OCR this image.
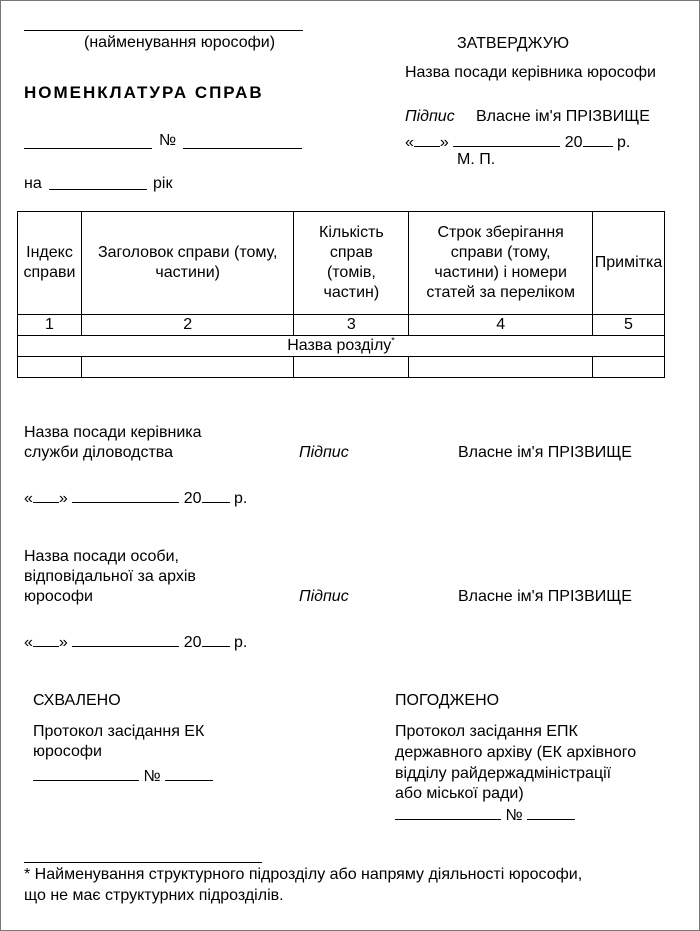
(найменування юрософи)
НОМЕНКЛАТУРА СПРАВ
№
на	рік
ЗАТВЕРДЖУЮ
Назва посади керівника юрософи
Підпис Власне ім'я ПРІЗВИЩЕ
« »	20 р.
М. П.
Індекс справи	Заголовок справи (тому, частини)	Кількість справ (томів, частин)	Строк зберігання справи (тому, частини) і номери статей за переліком	Примітка
1	2	3	4	5
Назва розділу*

Назва посади керівника
служби діловодства	Підпис	Власне ім'я ПРІЗВИЩЕ
« »	20 р.
Назва посади особи,
відповідальної за архів
юрософи	Підпис	Власне ім'я ПРІЗВИЩЕ
« »	20 р.
СХВАЛЕНО
Протокол засідання ЕК
юрософи
№
ПОГОДЖЕНО
Протокол засідання ЕПК
державного архіву (ЕК архівного
відділу райдержадміністрації
або міської ради)
№
* Найменування структурного підрозділу або напряму діяльності юрософи,
що не має структурних підрозділів.
